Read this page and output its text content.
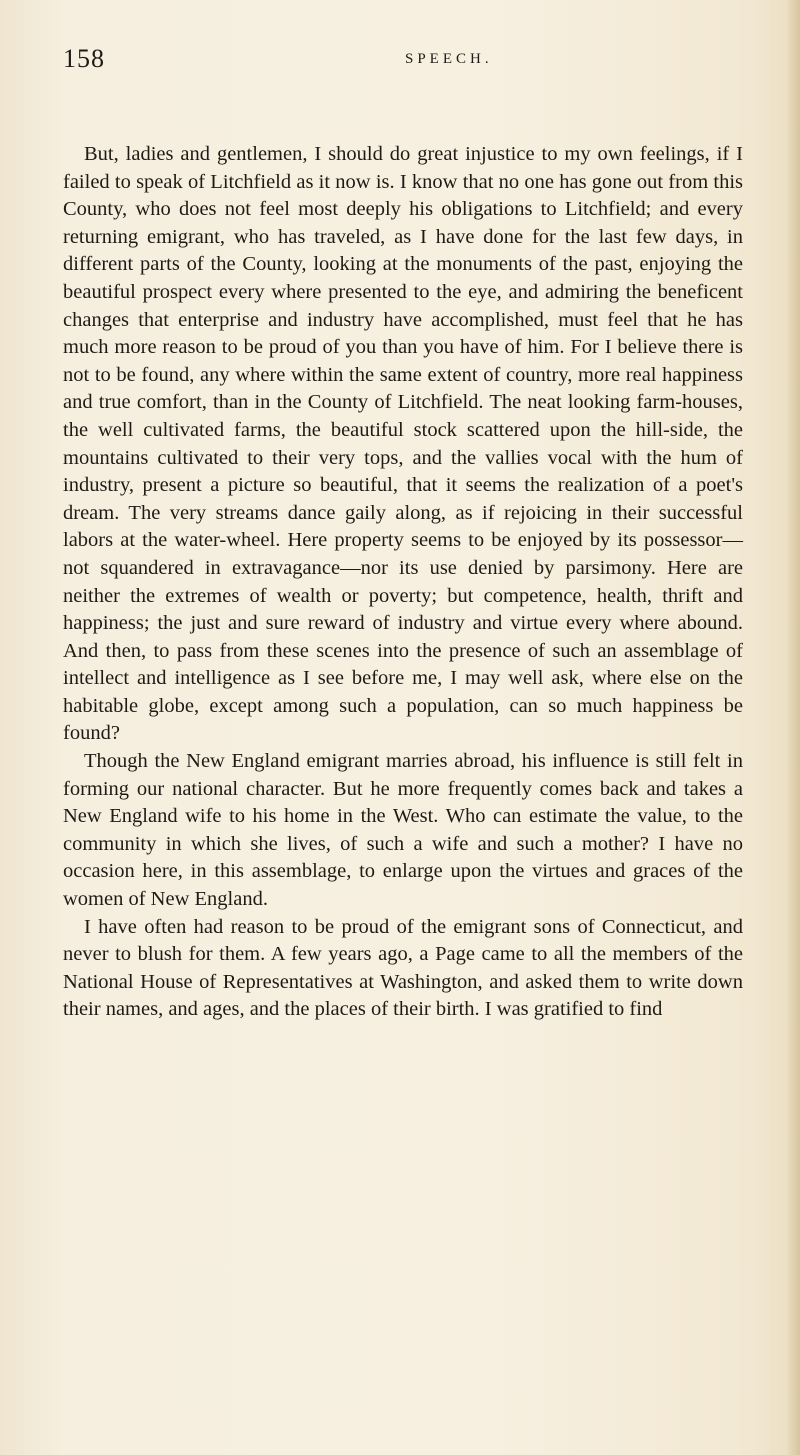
158	SPEECH.

But, ladies and gentlemen, I should do great injustice to my own feelings, if I failed to speak of Litchfield as it now is. I know that no one has gone out from this County, who does not feel most deeply his obligations to Litchfield; and every returning emigrant, who has traveled, as I have done for the last few days, in different parts of the County, looking at the monuments of the past, enjoying the beautiful prospect every where presented to the eye, and admiring the beneficent changes that enterprise and industry have accomplished, must feel that he has much more reason to be proud of you than you have of him. For I believe there is not to be found, any where within the same extent of country, more real happiness and true comfort, than in the County of Litchfield. The neat looking farm-houses, the well cultivated farms, the beautiful stock scattered upon the hill-side, the mountains cultivated to their very tops, and the vallies vocal with the hum of industry, present a picture so beautiful, that it seems the realization of a poet's dream. The very streams dance gaily along, as if rejoicing in their successful labors at the water-wheel. Here property seems to be enjoyed by its possessor—not squandered in extravagance—nor its use denied by parsimony. Here are neither the extremes of wealth or poverty; but competence, health, thrift and happiness; the just and sure reward of industry and virtue every where abound. And then, to pass from these scenes into the presence of such an assemblage of intellect and intelligence as I see before me, I may well ask, where else on the habitable globe, except among such a population, can so much happiness be found?

Though the New England emigrant marries abroad, his influence is still felt in forming our national character. But he more frequently comes back and takes a New England wife to his home in the West. Who can estimate the value, to the community in which she lives, of such a wife and such a mother? I have no occasion here, in this assemblage, to enlarge upon the virtues and graces of the women of New England.

I have often had reason to be proud of the emigrant sons of Connecticut, and never to blush for them. A few years ago, a Page came to all the members of the National House of Representatives at Washington, and asked them to write down their names, and ages, and the places of their birth. I was gratified to find
